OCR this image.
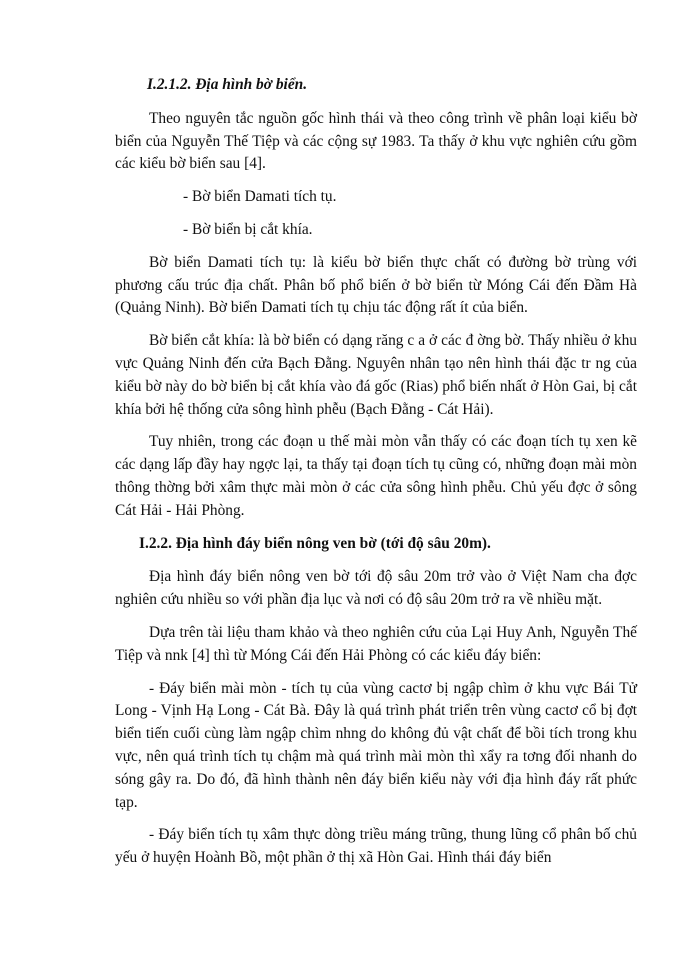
I.2.1.2. Địa hình bờ biển.

Theo nguyên tắc nguồn gốc hình thái và theo công trình về phân loại kiểu bờ biển của Nguyễn Thế Tiệp và các cộng sự 1983. Ta thấy ở khu vực nghiên cứu gồm các kiểu bờ biển sau [4].

- Bờ biển Damati tích tụ.

- Bờ biển bị cắt khía.

Bờ biển Damati tích tụ: là kiểu bờ biển thực chất có đường bờ trùng với phương cấu trúc địa chất. Phân bố phổ biến ở bờ biển từ Móng Cái đến Đầm Hà (Quảng Ninh). Bờ biển Damati tích tụ chịu tác động rất ít của biển.

Bờ biển cắt khía: là bờ biển có dạng răng c a ở các đ ờng bờ. Thấy nhiều ở khu vực Quảng Ninh đến cửa Bạch Đằng. Nguyên nhân tạo nên hình thái đặc tr ng của kiểu bờ này do bờ biển bị cắt khía vào đá gốc (Rias) phổ biến nhất ở Hòn Gai, bị cắt khía bởi hệ thống cửa sông hình phễu (Bạch Đằng - Cát Hải).

Tuy nhiên, trong các đoạn u thế mài mòn vẫn thấy có các đoạn tích tụ xen kẽ các dạng lấp đầy hay ngợc lại, ta thấy tại đoạn tích tụ cũng có, những đoạn mài mòn thông thờng bởi xâm thực mài mòn ở các cửa sông hình phễu. Chủ yếu đợc ở sông Cát Hải - Hải Phòng.

I.2.2. Địa hình đáy biển nông ven bờ (tới độ sâu 20m).

Địa hình đáy biển nông ven bờ tới độ sâu 20m trở vào ở Việt Nam cha đợc nghiên cứu nhiều so với phần địa lục và nơi có độ sâu 20m trở ra về nhiều mặt.

Dựa trên tài liệu tham khảo và theo nghiên cứu của Lại Huy Anh, Nguyễn Thế Tiệp và nnk [4] thì từ Móng Cái đến Hải Phòng có các kiểu đáy biển:

- Đáy biển mài mòn - tích tụ của vùng cactơ bị ngập chìm ở khu vực Bái Tử Long - Vịnh Hạ Long - Cát Bà. Đây là quá trình phát triển trên vùng cactơ cổ bị đợt biển tiến cuối cùng làm ngập chìm nhng do không đủ vật chất để bồi tích trong khu vực, nên quá trình tích tụ chậm mà quá trình mài mòn thì xẩy ra tơng đối nhanh do sóng gây ra. Do đó, đã hình thành nên đáy biển kiểu này với địa hình đáy rất phức tạp.

- Đáy biển tích tụ xâm thực dòng triều máng trũng, thung lũng cổ phân bố chủ yếu ở huyện Hoành Bồ, một phần ở thị xã Hòn Gai. Hình thái đáy biển
